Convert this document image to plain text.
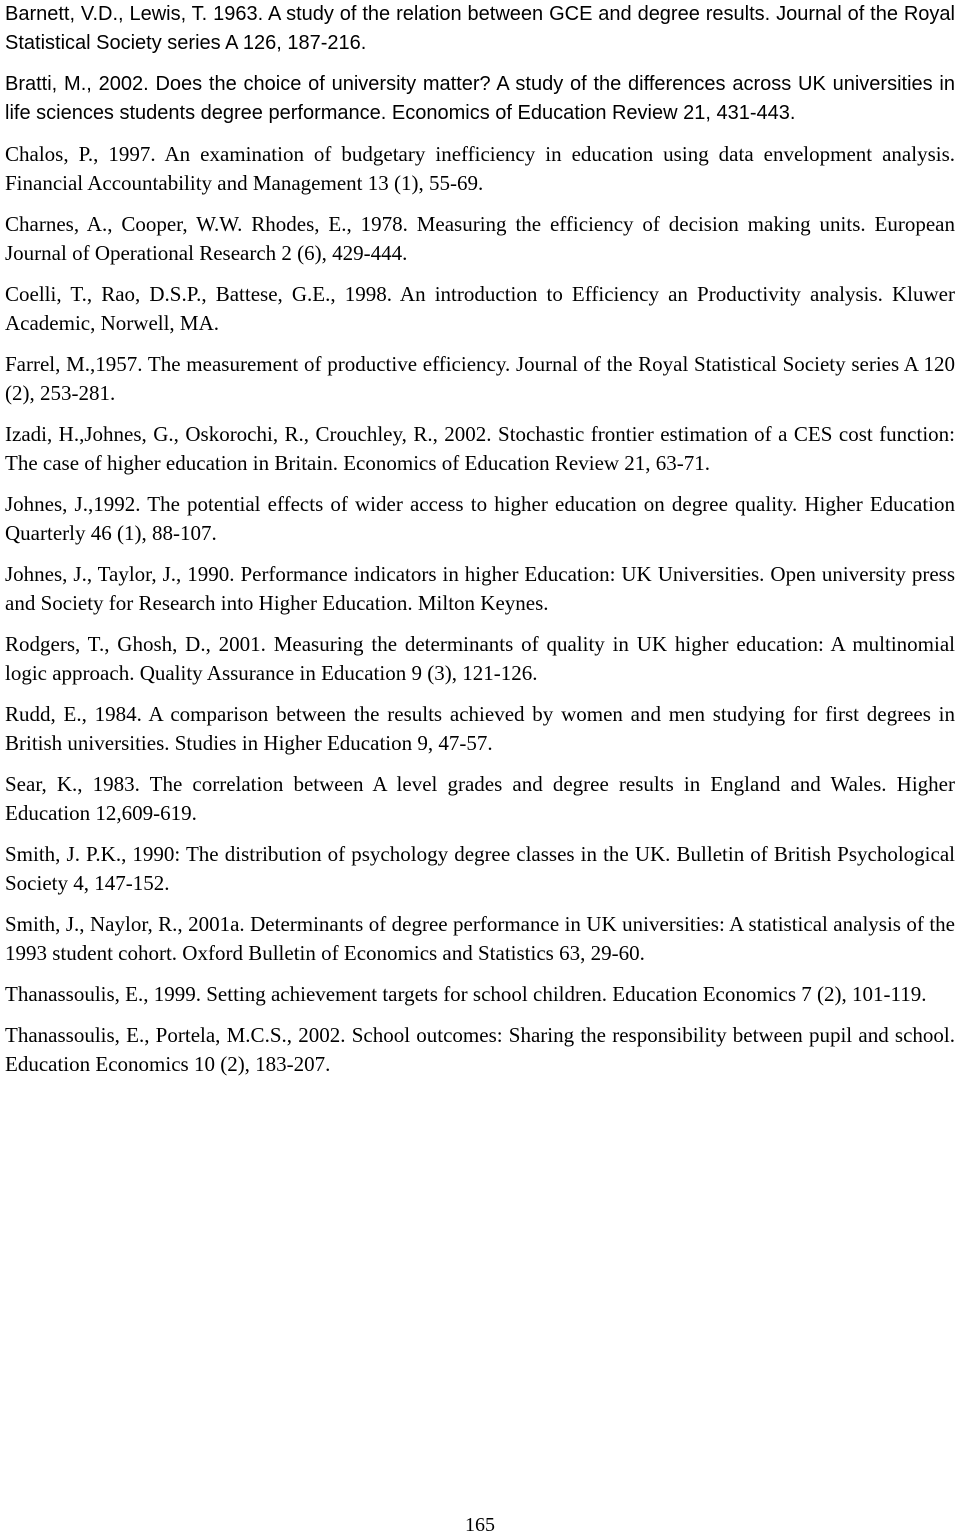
Barnett, V.D., Lewis, T. 1963. A study of the relation between GCE and degree results. Journal of the Royal Statistical Society series A 126, 187-216.
Bratti, M., 2002. Does the choice of university matter? A study of the differences across UK universities in life sciences students degree performance. Economics of Education Review 21, 431-443.
Chalos, P., 1997. An examination of budgetary inefficiency in education using data envelopment analysis. Financial Accountability and Management 13 (1), 55-69.
Charnes, A., Cooper, W.W. Rhodes, E., 1978. Measuring the efficiency of decision making units. European Journal of Operational Research 2 (6), 429-444.
Coelli, T., Rao, D.S.P., Battese, G.E., 1998. An introduction to Efficiency an Productivity analysis. Kluwer Academic, Norwell, MA.
Farrel, M.,1957. The measurement of productive efficiency. Journal of the Royal Statistical Society series A 120 (2), 253-281.
Izadi, H.,Johnes, G., Oskorochi, R., Crouchley, R., 2002. Stochastic frontier estimation of a CES cost function: The case of higher education in Britain. Economics of Education Review 21, 63-71.
Johnes, J.,1992. The potential effects of wider access to higher education on degree quality. Higher Education Quarterly 46 (1), 88-107.
Johnes, J., Taylor, J., 1990. Performance indicators in higher Education: UK Universities. Open university press and Society for Research into Higher Education. Milton Keynes.
Rodgers, T., Ghosh, D., 2001. Measuring the determinants of quality in UK higher education: A multinomial logic approach. Quality Assurance in Education 9 (3), 121-126.
Rudd, E., 1984. A comparison between the results achieved by women and men studying for first degrees in British universities. Studies in Higher Education 9, 47-57.
Sear, K., 1983. The correlation between A level grades and degree results in England and Wales. Higher Education 12,609-619.
Smith, J. P.K., 1990: The distribution of psychology degree classes in the UK. Bulletin of British Psychological Society 4, 147-152.
Smith, J., Naylor, R., 2001a. Determinants of degree performance in UK universities: A statistical analysis of the 1993 student cohort. Oxford Bulletin of Economics and Statistics 63, 29-60.
Thanassoulis, E., 1999. Setting achievement targets for school children. Education Economics 7 (2), 101-119.
Thanassoulis, E., Portela, M.C.S., 2002. School outcomes: Sharing the responsibility between pupil and school. Education Economics 10 (2), 183-207.
165
